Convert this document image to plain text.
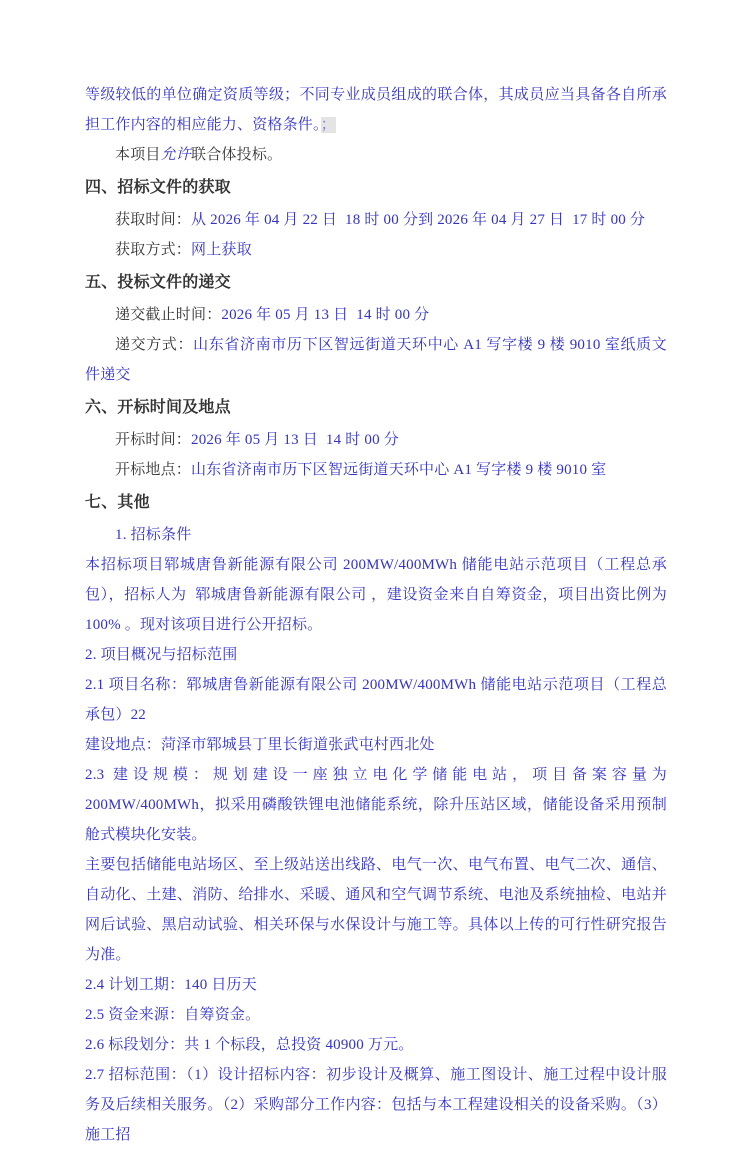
等级较低的单位确定资质等级；不同专业成员组成的联合体，其成员应当具备各自所承担工作内容的相应能力、资格条件。；

本项目允许联合体投标。

四、招标文件的获取

获取时间：从 2026 年 04 月 22 日  18 时 00 分到 2026 年 04 月 27 日  17 时 00 分

获取方式：网上获取

五、投标文件的递交

递交截止时间：2026 年 05 月 13 日  14 时 00 分

递交方式：山东省济南市历下区智远街道天环中心 A1 写字楼 9 楼 9010 室纸质文件递交

六、开标时间及地点

开标时间：2026 年 05 月 13 日  14 时 00 分

开标地点：山东省济南市历下区智远街道天环中心 A1 写字楼 9 楼 9010 室

七、其他

1. 招标条件

本招标项目郓城唐鲁新能源有限公司 200MW/400MWh 储能电站示范项目（工程总承包），招标人为  郓城唐鲁新能源有限公司 ，建设资金来自自筹资金，项目出资比例为 100% 。现对该项目进行公开招标。

2. 项目概况与招标范围

2.1 项目名称：郓城唐鲁新能源有限公司 200MW/400MWh 储能电站示范项目（工程总承包）22

建设地点：菏泽市郓城县丁里长街道张武屯村西北处

2.3 建设规模：规划建设一座独立电化学储能电站，项目备案容量为 200MW/400MWh，拟采用磷酸铁锂电池储能系统，除升压站区域，储能设备采用预制舱式模块化安装。

主要包括储能电站场区、至上级站送出线路、电气一次、电气布置、电气二次、通信、自动化、土建、消防、给排水、采暖、通风和空气调节系统、电池及系统抽检、电站并网后试验、黑启动试验、相关环保与水保设计与施工等。具体以上传的可行性研究报告为准。

2.4 计划工期：140 日历天

2.5 资金来源：自筹资金。

2.6 标段划分：共 1 个标段，总投资 40900 万元。

2.7 招标范围：（1）设计招标内容：初步设计及概算、施工图设计、施工过程中设计服务及后续相关服务。（2）采购部分工作内容：包括与本工程建设相关的设备采购。（3）施工招
